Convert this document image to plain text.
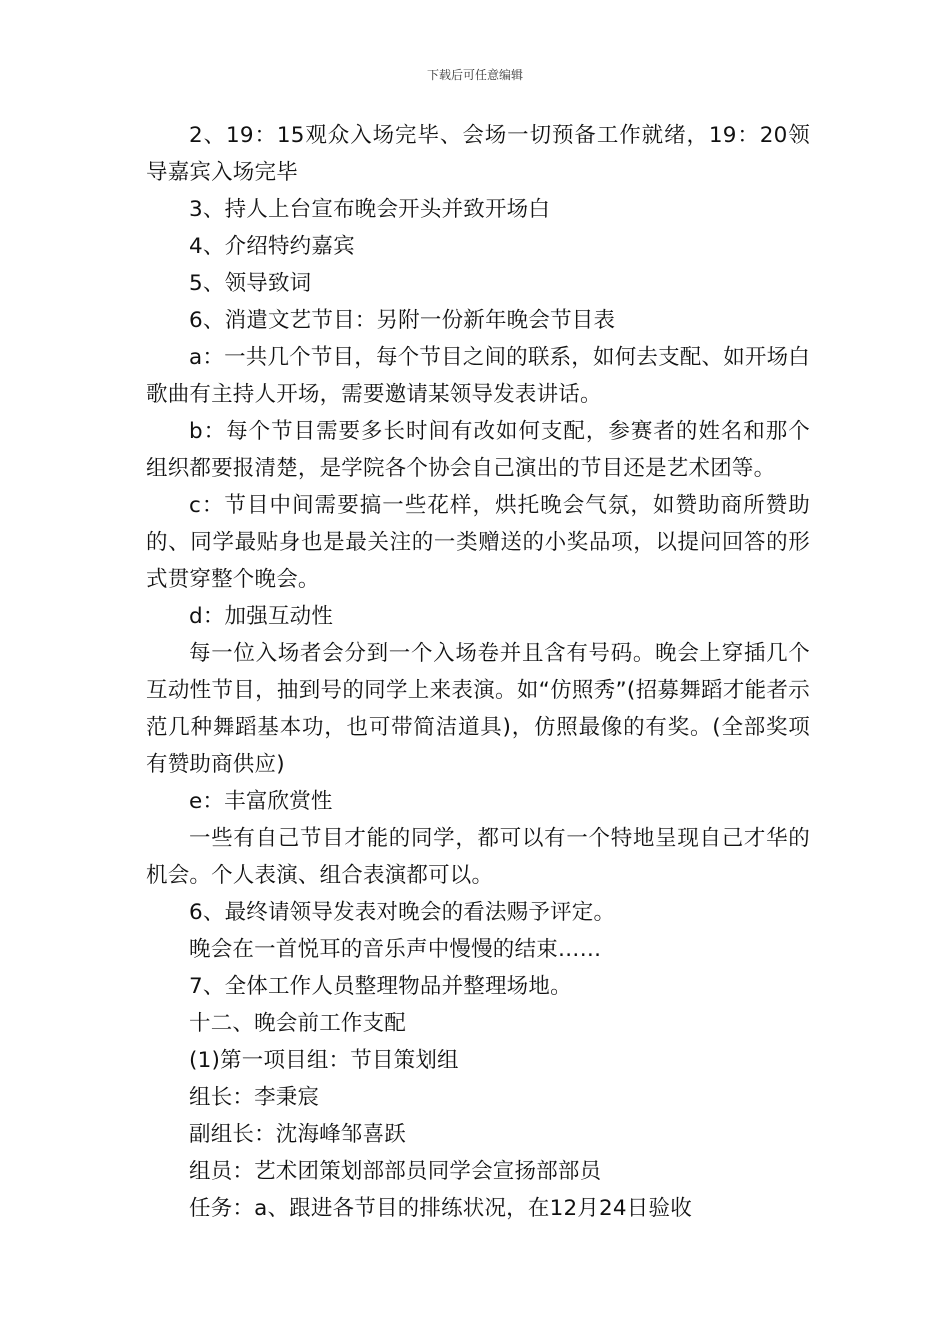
下载后可任意编辑

2、19：15观众入场完毕、会场一切预备工作就绪，19：20领导嘉宾入场完毕

3、持人上台宣布晚会开头并致开场白

4、介绍特约嘉宾

5、领导致词

6、消遣文艺节目：另附一份新年晚会节目表

a：一共几个节目，每个节目之间的联系，如何去支配、如开场白歌曲有主持人开场，需要邀请某领导发表讲话。

b：每个节目需要多长时间有改如何支配，参赛者的姓名和那个组织都要报清楚，是学院各个协会自己演出的节目还是艺术团等。

c：节目中间需要搞一些花样，烘托晚会气氛，如赞助商所赞助的、同学最贴身也是最关注的一类赠送的小奖品项，以提问回答的形式贯穿整个晚会。

d：加强互动性

每一位入场者会分到一个入场卷并且含有号码。晚会上穿插几个互动性节目，抽到号的同学上来表演。如“仿照秀”(招募舞蹈才能者示范几种舞蹈基本功，也可带简洁道具)，仿照最像的有奖。(全部奖项有赞助商供应)

e：丰富欣赏性

一些有自己节目才能的同学，都可以有一个特地呈现自己才华的机会。个人表演、组合表演都可以。

6、最终请领导发表对晚会的看法赐予评定。

晚会在一首悦耳的音乐声中慢慢的结束……

7、全体工作人员整理物品并整理场地。

十二、晚会前工作支配

(1)第一项目组：节目策划组

组长：李秉宸

副组长：沈海峰邹喜跃

组员：艺术团策划部部员同学会宣扬部部员

任务：a、跟进各节目的排练状况，在12月24日验收
